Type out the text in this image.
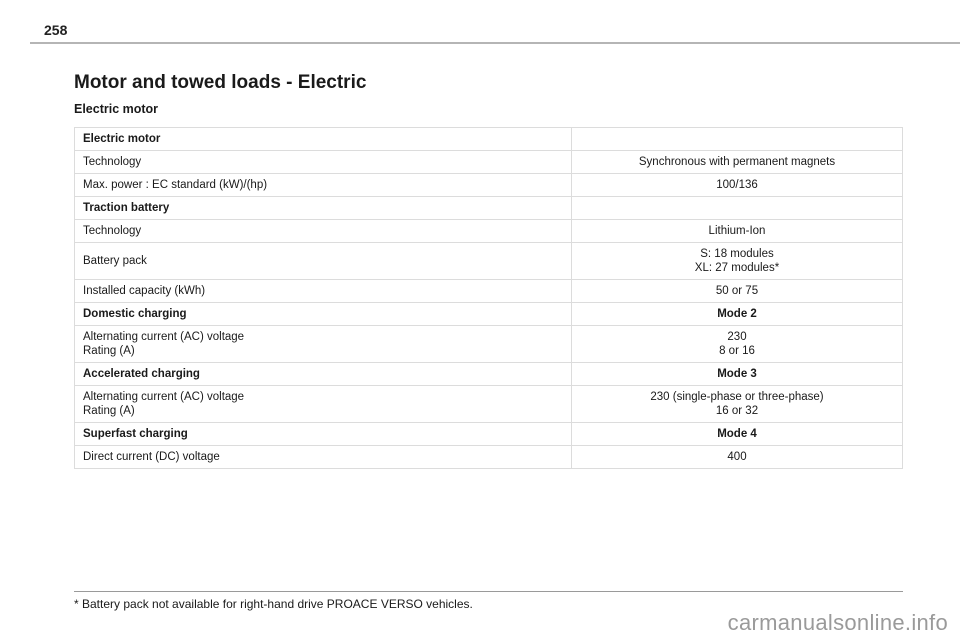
258
Motor and towed loads - Electric
Electric motor
Electric motor	

Technology	Synchronous with permanent magnets

Max. power : EC standard (kW)/(hp)	100/136

Traction battery	

Technology	Lithium-Ion

Battery pack	S: 18 modules
XL: 27 modules*

Installed capacity (kWh)	50 or 75

Domestic charging	Mode 2

Alternating current (AC) voltage
Rating (A)	230
8 or 16

Accelerated charging	Mode 3

Alternating current (AC) voltage
Rating (A)	230 (single-phase or three-phase)
16 or 32

Superfast charging	Mode 4

Direct current (DC) voltage	400
* Battery pack not available for right-hand drive PROACE VERSO vehicles.
carmanualsonline.info
